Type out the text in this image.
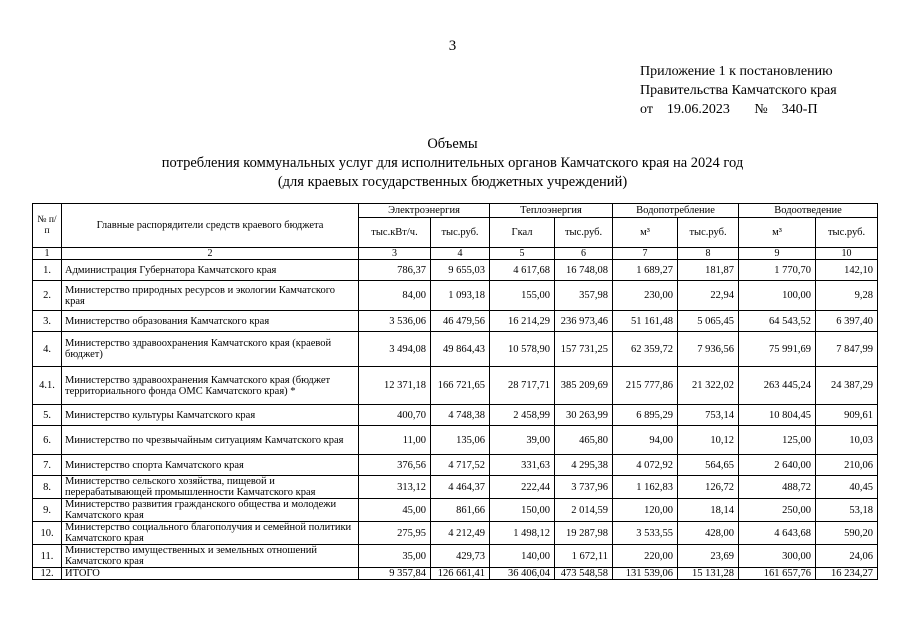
3
Приложение 1 к постановлению
Правительства Камчатского края
от    19.06.2023       №    340-П
Объемы
потребления коммунальных услуг для исполнительных органов Камчатского края на 2024 год
(для краевых государственных бюджетных учреждений)
№ п/п	Главные распорядители средств краевого бюджета	Электроэнергия		Теплоэнергия		Водопотребление		Водоотведение	
		тыс.кВт/ч.	тыс.руб.	Гкал	тыс.руб.	м³	тыс.руб.	м³	тыс.руб.
1	2	3	4	5	6	7	8	9	10
1.	Администрация Губернатора Камчатского края	786,37	9 655,03	4 617,68	16 748,08	1 689,27	181,87	1 770,70	142,10
2.	Министерство природных ресурсов и экологии Камчатского края	84,00	1 093,18	155,00	357,98	230,00	22,94	100,00	9,28
3.	Министерство образования Камчатского края	3 536,06	46 479,56	16 214,29	236 973,46	51 161,48	5 065,45	64 543,52	6 397,40
4.	Министерство здравоохранения Камчатского края (краевой бюджет)	3 494,08	49 864,43	10 578,90	157 731,25	62 359,72	7 936,56	75 991,69	7 847,99
4.1.	Министерство здравоохранения Камчатского края (бюджет территориального фонда ОМС Камчатского края) *	12 371,18	166 721,65	28 717,71	385 209,69	215 777,86	21 322,02	263 445,24	24 387,29
5.	Министерство культуры Камчатского края	400,70	4 748,38	2 458,99	30 263,99	6 895,29	753,14	10 804,45	909,61
6.	Министерство по чрезвычайным ситуациям Камчатского края	11,00	135,06	39,00	465,80	94,00	10,12	125,00	10,03
7.	Министерство спорта Камчатского края	376,56	4 717,52	331,63	4 295,38	4 072,92	564,65	2 640,00	210,06
8.	Министерство сельского хозяйства, пищевой и перерабатывающей промышленности Камчатского края	313,12	4 464,37	222,44	3 737,96	1 162,83	126,72	488,72	40,45
9.	Министерство развития гражданского общества и молодежи Камчатского края	45,00	861,66	150,00	2 014,59	120,00	18,14	250,00	53,18
10.	Министерство социального благополучия и семейной политики Камчатского края	275,95	4 212,49	1 498,12	19 287,98	3 533,55	428,00	4 643,68	590,20
11.	Министерство имущественных и земельных отношений Камчатского края	35,00	429,73	140,00	1 672,11	220,00	23,69	300,00	24,06
12.	ИТОГО	9 357,84	126 661,41	36 406,04	473 548,58	131 539,06	15 131,28	161 657,76	16 234,27
